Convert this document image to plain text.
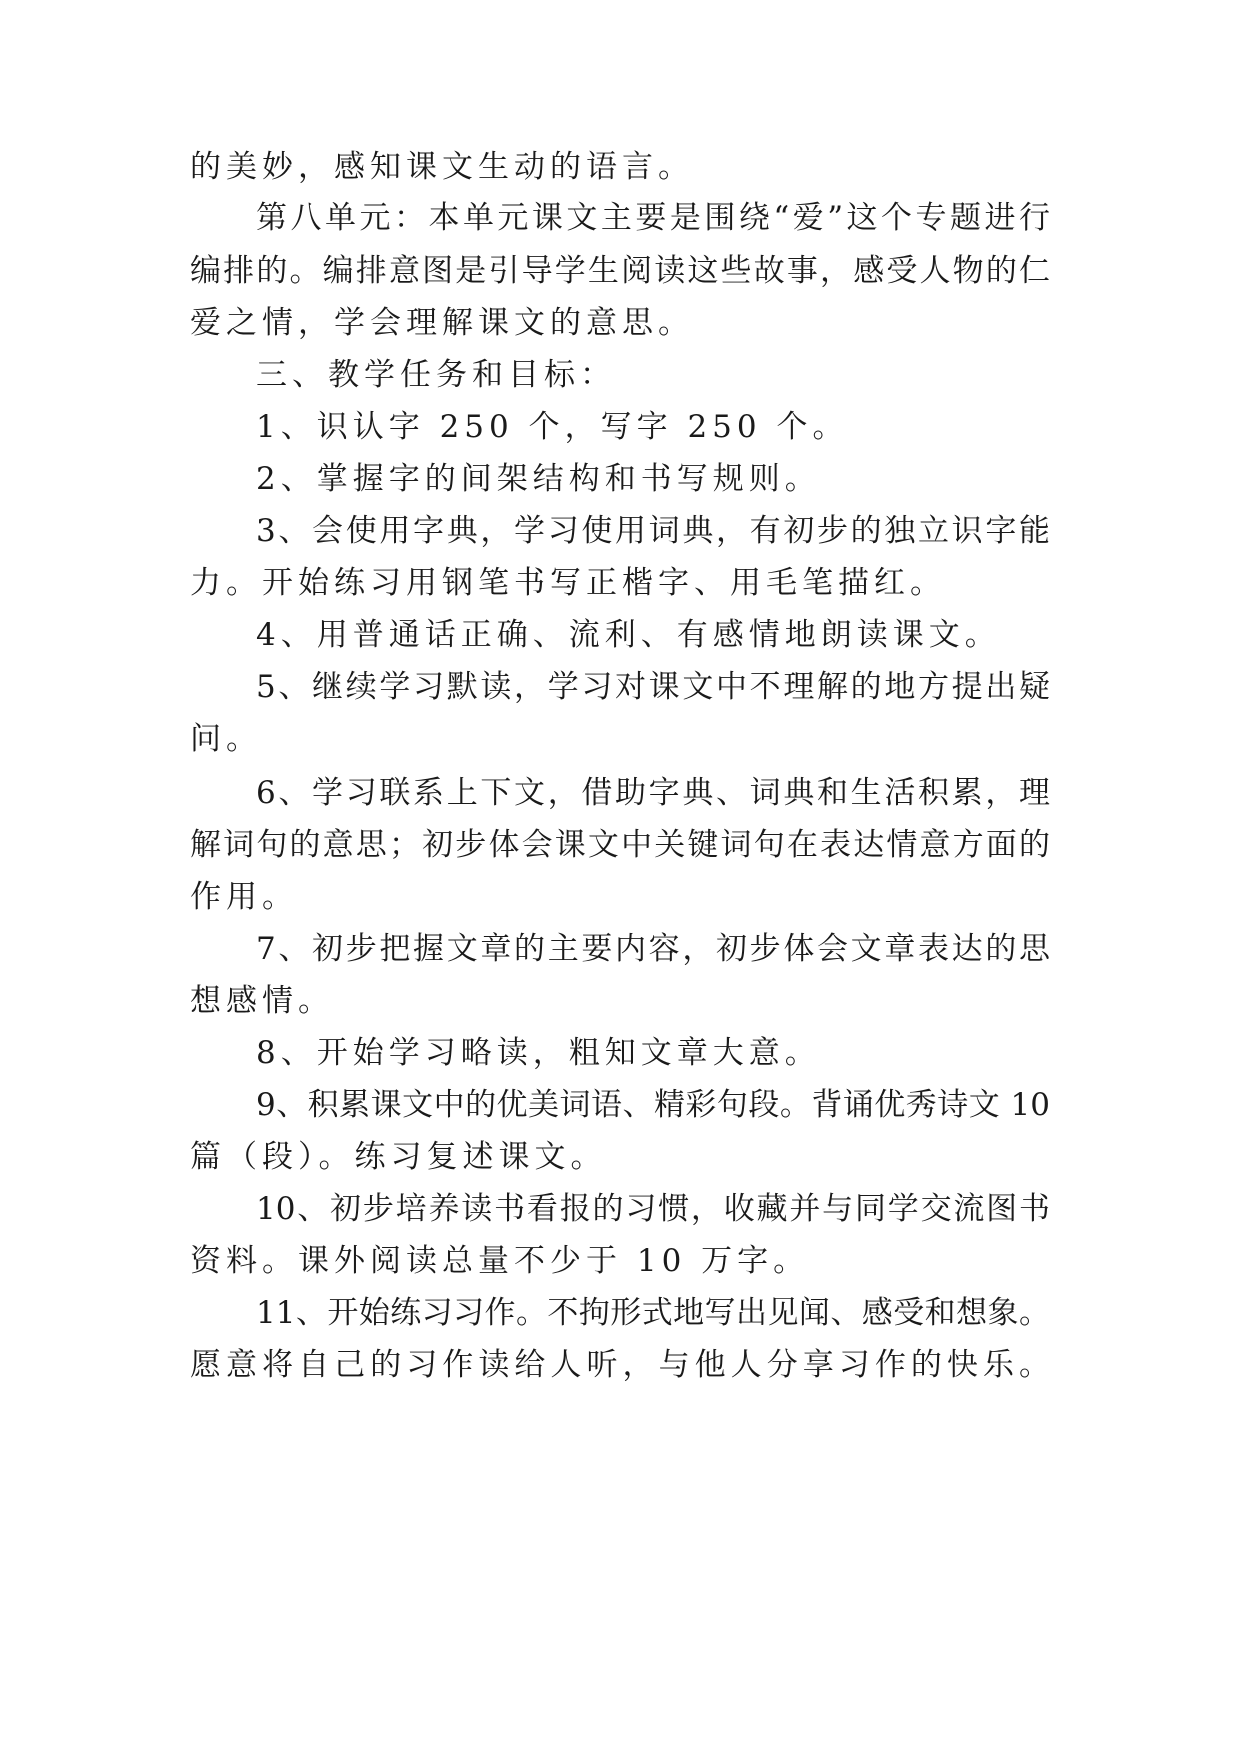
的美妙，感知课文生动的语言。
第八单元：本单元课文主要是围绕“爱”这个专题进行
编排的。编排意图是引导学生阅读这些故事，感受人物的仁
爱之情，学会理解课文的意思。
三、教学任务和目标：
1、识认字 250 个，写字 250 个。
2、掌握字的间架结构和书写规则。
3、会使用字典，学习使用词典，有初步的独立识字能
力。开始练习用钢笔书写正楷字、用毛笔描红。
4、用普通话正确、流利、有感情地朗读课文。
5、继续学习默读，学习对课文中不理解的地方提出疑
问。
6、学习联系上下文，借助字典、词典和生活积累，理
解词句的意思；初步体会课文中关键词句在表达情意方面的
作用。
7、初步把握文章的主要内容，初步体会文章表达的思
想感情。
8、开始学习略读，粗知文章大意。
9、积累课文中的优美词语、精彩句段。背诵优秀诗文 10
篇（段）。练习复述课文。
10、初步培养读书看报的习惯，收藏并与同学交流图书
资料。课外阅读总量不少于 10 万字。
11、开始练习习作。不拘形式地写出见闻、感受和想象。
愿意将自己的习作读给人听，与他人分享习作的快乐。
